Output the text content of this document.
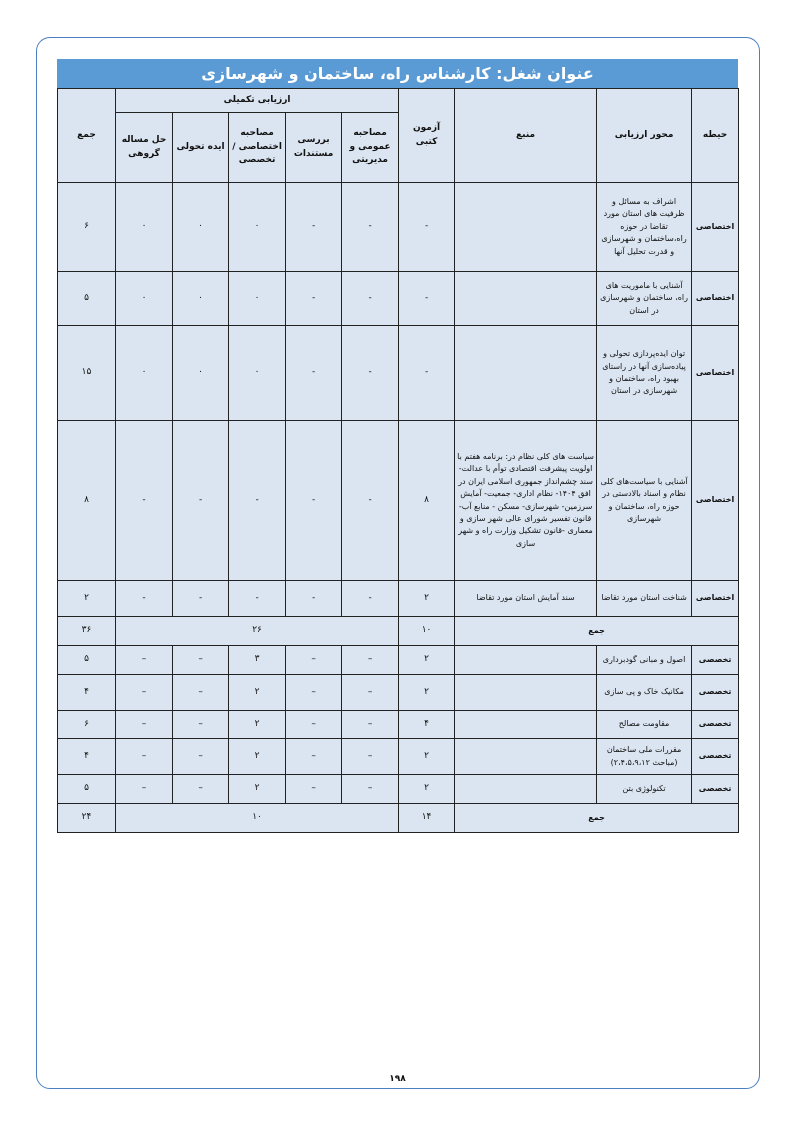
عنوان شغل: کارشناس راه، ساختمان و شهرسازی
حیطه	محور ارزیابی	منبع	آزمون کتبی	ارزیابی تکمیلی					جمع
				مصاحبه عمومی و مدیریتی	بررسی مستندات	مصاحبه اختصاصی / تخصصی	ایده تحولی	حل مساله گروهی	
اختصاصی	اشراف به مسائل و ظرفیت های استان مورد تقاضا در حوزه راه،ساختمان و شهرسازی و قدرت تحلیل آنها		-	-	-	۰	۰	۰	۶
اختصاصی	آشنایی با ماموریت های راه، ساختمان و شهرسازی در استان		-	-	-	۰	۰	۰	۵
اختصاصی	توان ایده‌پردازی تحولی و پیاده‌سازی آنها در راستای بهبود راه، ساختمان و شهرسازی در استان		-	-	-	۰	۰	۰	۱۵
اختصاصی	آشنایی با سیاست‌های کلی نظام و اسناد بالادستی در حوزه راه، ساختمان و شهرسازی	سیاست های کلی نظام در: برنامه هفتم با اولویت پیشرفت اقتصادی توأم با عدالت-سند چشم‌انداز جمهوری اسلامی ایران در افق ۱۴۰۴- نظام اداری- جمعیت- آمایش سرزمین- شهرسازی- مسکن - منابع آب-قانون تفسیر شورای عالی شهر سازی و معماری -قانون تشکیل وزارت راه و شهر سازی	۸	-	-	-	-	-	۸
اختصاصی	شناخت استان مورد تقاضا	سند آمایش استان مورد تقاضا	۲	-	-	-	-	-	۲
جمع			۱۰	۲۶					۳۶
تخصصی	اصول و مبانی گودبرداری		۲	–	–	۳	–	–	۵
تخصصی	مکانیک خاک و پی سازی		۲	–	–	۲	–	–	۴
تخصصی	مقاومت مصالح		۴	–	–	۲	–	–	۶
تخصصی	مقررات ملی ساختمان (مباحث ۲،۴،۵،۹،۱۲)		۲	–	–	۲	–	–	۴
تخصصی	تکنولوژی بتن		۲	–	–	۲	–	–	۵
جمع			۱۴	۱۰					۲۴
۱۹۸
